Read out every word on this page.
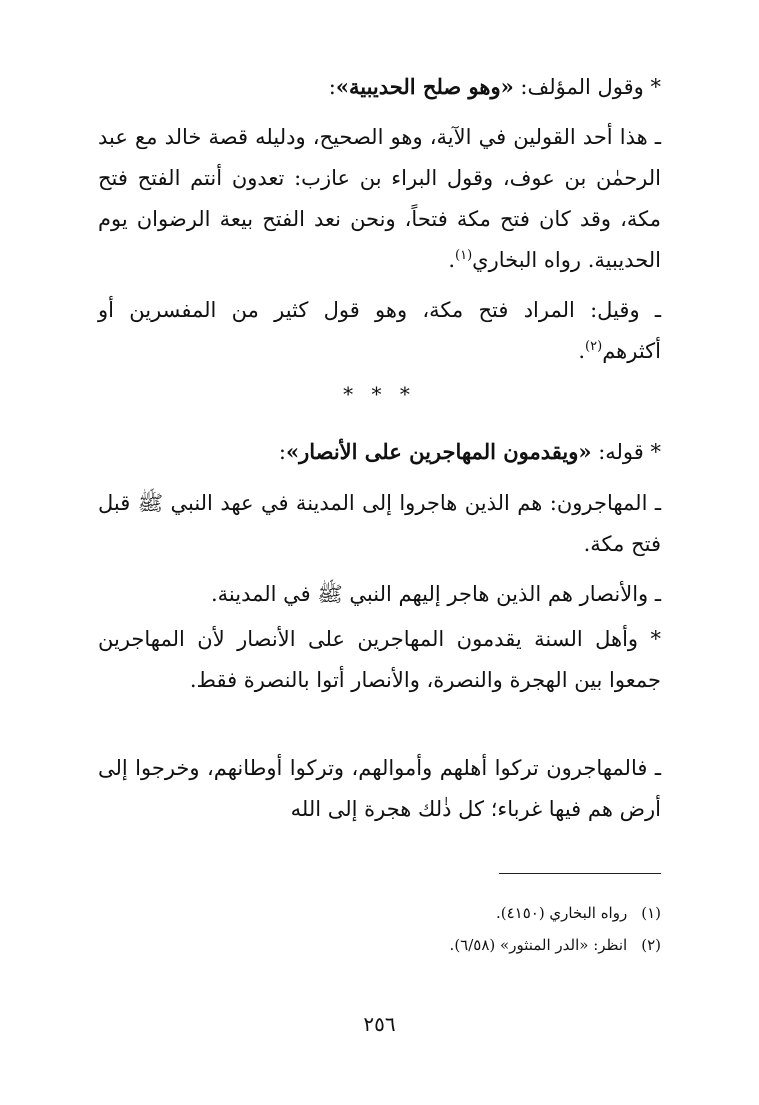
* وقول المؤلف: «وهو صلح الحديبية»:

ـ هذا أحد القولين في الآية، وهو الصحيح، ودليله قصة خالد مع عبد الرحمٰن بن عوف، وقول البراء بن عازب: تعدون أنتم الفتح فتح مكة، وقد كان فتح مكة فتحاً، ونحن نعد الفتح بيعة الرضوان يوم الحديبية. رواه البخاري$^{(١)}$.

ـ وقيل: المراد فتح مكة، وهو قول كثير من المفسرين أو أكثرهم$^{(٢)}$.

* * *

* قوله: «ويقدمون المهاجرين على الأنصار»:

ـ المهاجرون: هم الذين هاجروا إلى المدينة في عهد النبي ﷺ قبل فتح مكة.

ـ والأنصار هم الذين هاجر إليهم النبي ﷺ في المدينة.

* وأهل السنة يقدمون المهاجرين على الأنصار لأن المهاجرين جمعوا بين الهجرة والنصرة، والأنصار أتوا بالنصرة فقط.

ـ فالمهاجرون تركوا أهلهم وأموالهم، وتركوا أوطانهم، وخرجوا إلى أرض هم فيها غرباء؛ كل ذٰلك هجرة إلى الله

(١)رواه البخاري (٤١٥٠).

(٢)انظر: «الدر المنثور» (٦/٥٨).

٢٥٦
